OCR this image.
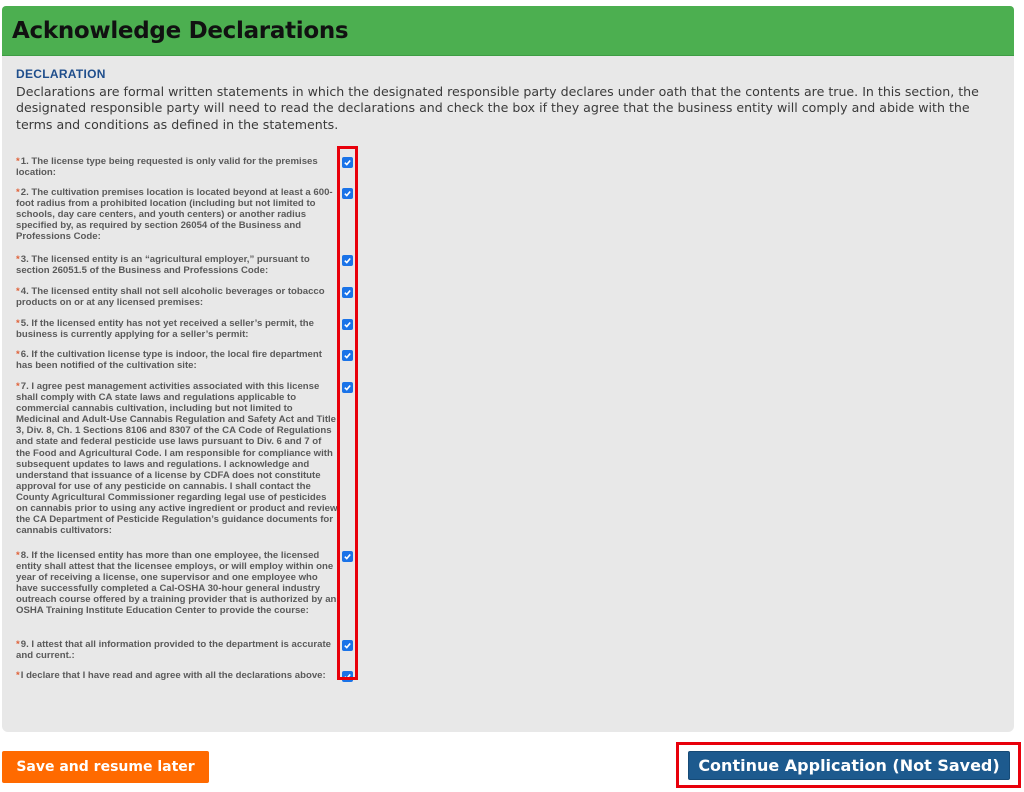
Acknowledge Declarations
DECLARATION
Declarations are formal written statements in which the designated responsible party declares under oath that the contents are true. In this section, the designated responsible party will need to read the declarations and check the box if they agree that the business entity will comply and abide with the terms and conditions as defined in the statements.
*1. The license type being requested is only valid for the premises location:
*2. The cultivation premises location is located beyond at least a 600-foot radius from a prohibited location (including but not limited to schools, day care centers, and youth centers) or another radius specified by, as required by section 26054 of the Business and Professions Code:
*3. The licensed entity is an “agricultural employer,” pursuant to section 26051.5 of the Business and Professions Code:
*4. The licensed entity shall not sell alcoholic beverages or tobacco products on or at any licensed premises:
*5. If the licensed entity has not yet received a seller’s permit, the business is currently applying for a seller’s permit:
*6. If the cultivation license type is indoor, the local fire department has been notified of the cultivation site:
*7. I agree pest management activities associated with this license shall comply with CA state laws and regulations applicable to commercial cannabis cultivation, including but not limited to Medicinal and Adult-Use Cannabis Regulation and Safety Act and Title 3, Div. 8, Ch. 1 Sections 8106 and 8307 of the CA Code of Regulations and state and federal pesticide use laws pursuant to Div. 6 and 7 of the Food and Agricultural Code. I am responsible for compliance with subsequent updates to laws and regulations. I acknowledge and understand that issuance of a license by CDFA does not constitute approval for use of any pesticide on cannabis. I shall contact the County Agricultural Commissioner regarding legal use of pesticides on cannabis prior to using any active ingredient or product and review the CA Department of Pesticide Regulation’s guidance documents for cannabis cultivators:
*8. If the licensed entity has more than one employee, the licensed entity shall attest that the licensee employs, or will employ within one year of receiving a license, one supervisor and one employee who have successfully completed a Cal-OSHA 30-hour general industry outreach course offered by a training provider that is authorized by an OSHA Training Institute Education Center to provide the course:
*9. I attest that all information provided to the department is accurate and current.:
*I declare that I have read and agree with all the declarations above:
Save and resume later	Continue Application (Not Saved)
